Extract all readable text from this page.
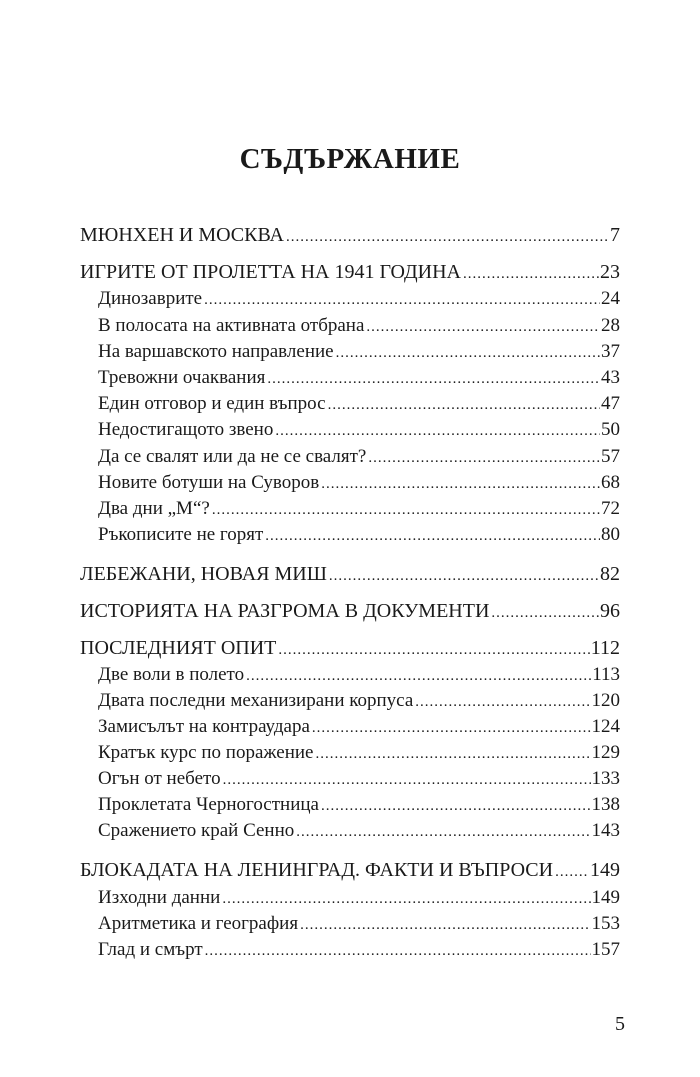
СЪДЪРЖАНИЕ
МЮНХЕН И МОСКВА .....	7
ИГРИТЕ ОТ ПРОЛЕТТА НА 1941 ГОДИНА .....	23
Динозаврите .....	24
В полосата на активната отбрана .....	28
На варшавското направление .....	37
Тревожни очаквания .....	43
Един отговор и един въпрос .....	47
Недостигащото звено .....	50
Да се свалят или да не се свалят? .....	57
Новите ботуши на Суворов .....	68
Два дни „М“? .....	72
Ръкописите не горят .....	80
ЛЕБЕЖАНИ, НОВАЯ МИШ .....	82
ИСТОРИЯТА НА РАЗГРОМА В ДОКУМЕНТИ .....	96
ПОСЛЕДНИЯТ ОПИТ .....	112
Две воли в полето .....	113
Двата последни механизирани корпуса .....	120
Замисълът на контраудара .....	124
Кратък курс по поражение .....	129
Огън от небето .....	133
Проклетата Черногостница .....	138
Сражението край Сенно .....	143
БЛОКАДАТА НА ЛЕНИНГРАД. ФАКТИ И ВЪПРОСИ ..... 149
Изходни данни .....	149
Аритметика и география .....	153
Глад и смърт .....	157
5
